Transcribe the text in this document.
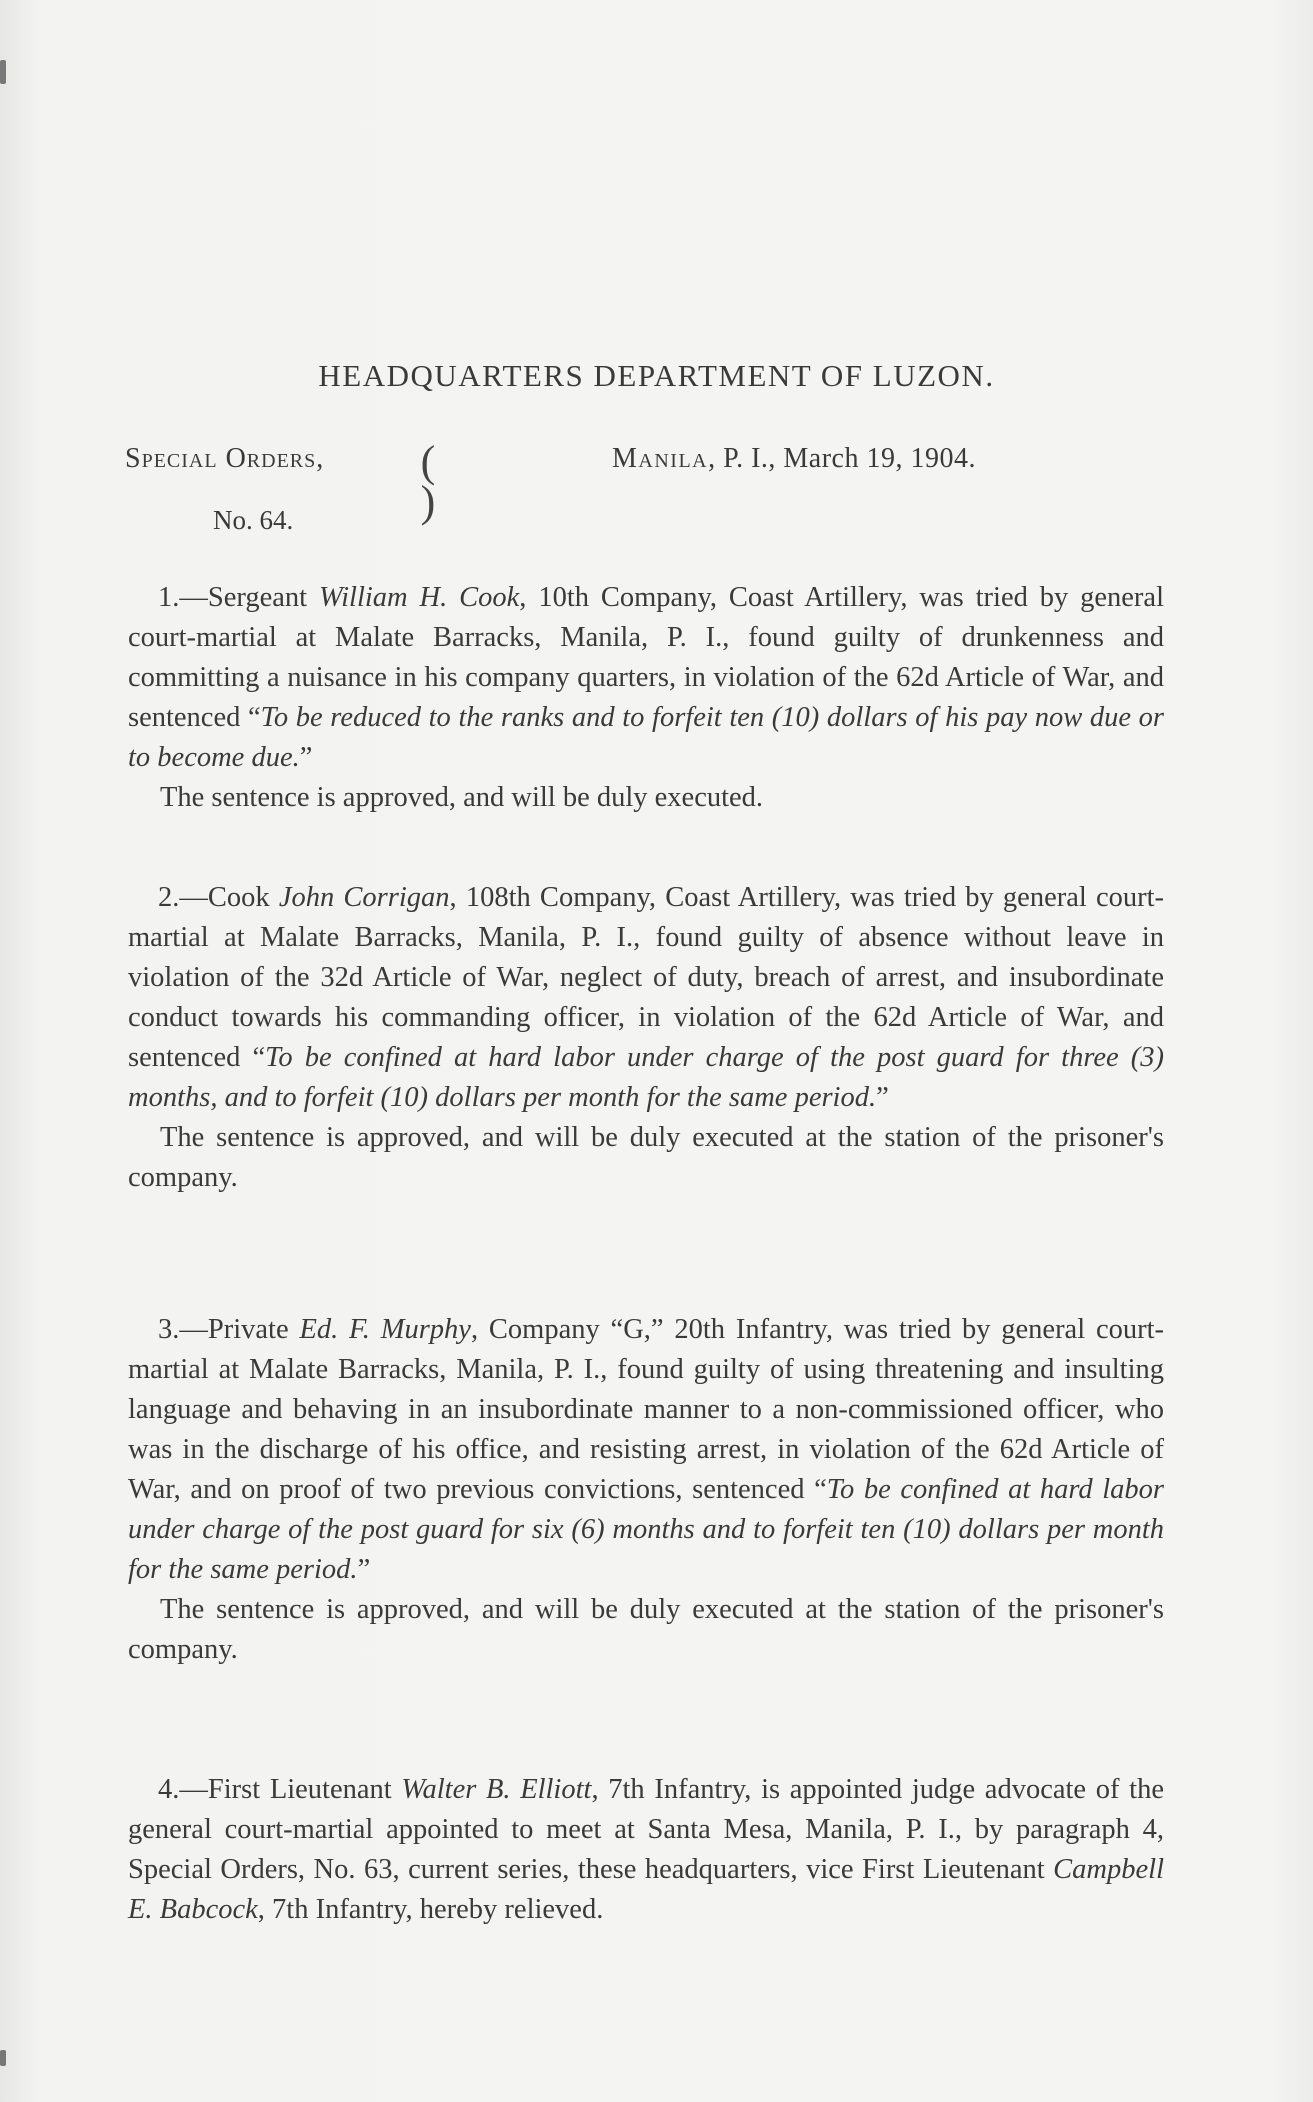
HEADQUARTERS DEPARTMENT OF LUZON.
Special Orders,
No. 64.
(
)
Manila, P. I., March 19, 1904.

1.—Sergeant William H. Cook, 10th Company, Coast Artillery, was tried by general court-martial at Malate Barracks, Manila, P. I., found guilty of drunkenness and committing a nuisance in his company quarters, in violation of the 62d Article of War, and sentenced “To be reduced to the ranks and to forfeit ten (10) dollars of his pay now due or to become due.”

The sentence is approved, and will be duly executed.

2.—Cook John Corrigan, 108th Company, Coast Artillery, was tried by general court-martial at Malate Barracks, Manila, P. I., found guilty of absence without leave in violation of the 32d Article of War, neglect of duty, breach of arrest, and insubordinate conduct towards his commanding officer, in violation of the 62d Article of War, and sentenced “To be confined at hard labor under charge of the post guard for three (3) months, and to forfeit (10) dollars per month for the same period.”

The sentence is approved, and will be duly executed at the station of the prisoner's company.

3.—Private Ed. F. Murphy, Company “G,” 20th Infantry, was tried by general court-martial at Malate Barracks, Manila, P. I., found guilty of using threatening and insulting language and behaving in an insubordinate manner to a non-commissioned officer, who was in the discharge of his office, and resisting arrest, in violation of the 62d Article of War, and on proof of two previous convictions, sentenced “To be confined at hard labor under charge of the post guard for six (6) months and to forfeit ten (10) dollars per month for the same period.”

The sentence is approved, and will be duly executed at the station of the prisoner's company.

4.—First Lieutenant Walter B. Elliott, 7th Infantry, is appointed judge advocate of the general court-martial appointed to meet at Santa Mesa, Manila, P. I., by paragraph 4, Special Orders, No. 63, current series, these headquarters, vice First Lieutenant Campbell E. Babcock, 7th Infantry, hereby relieved.
